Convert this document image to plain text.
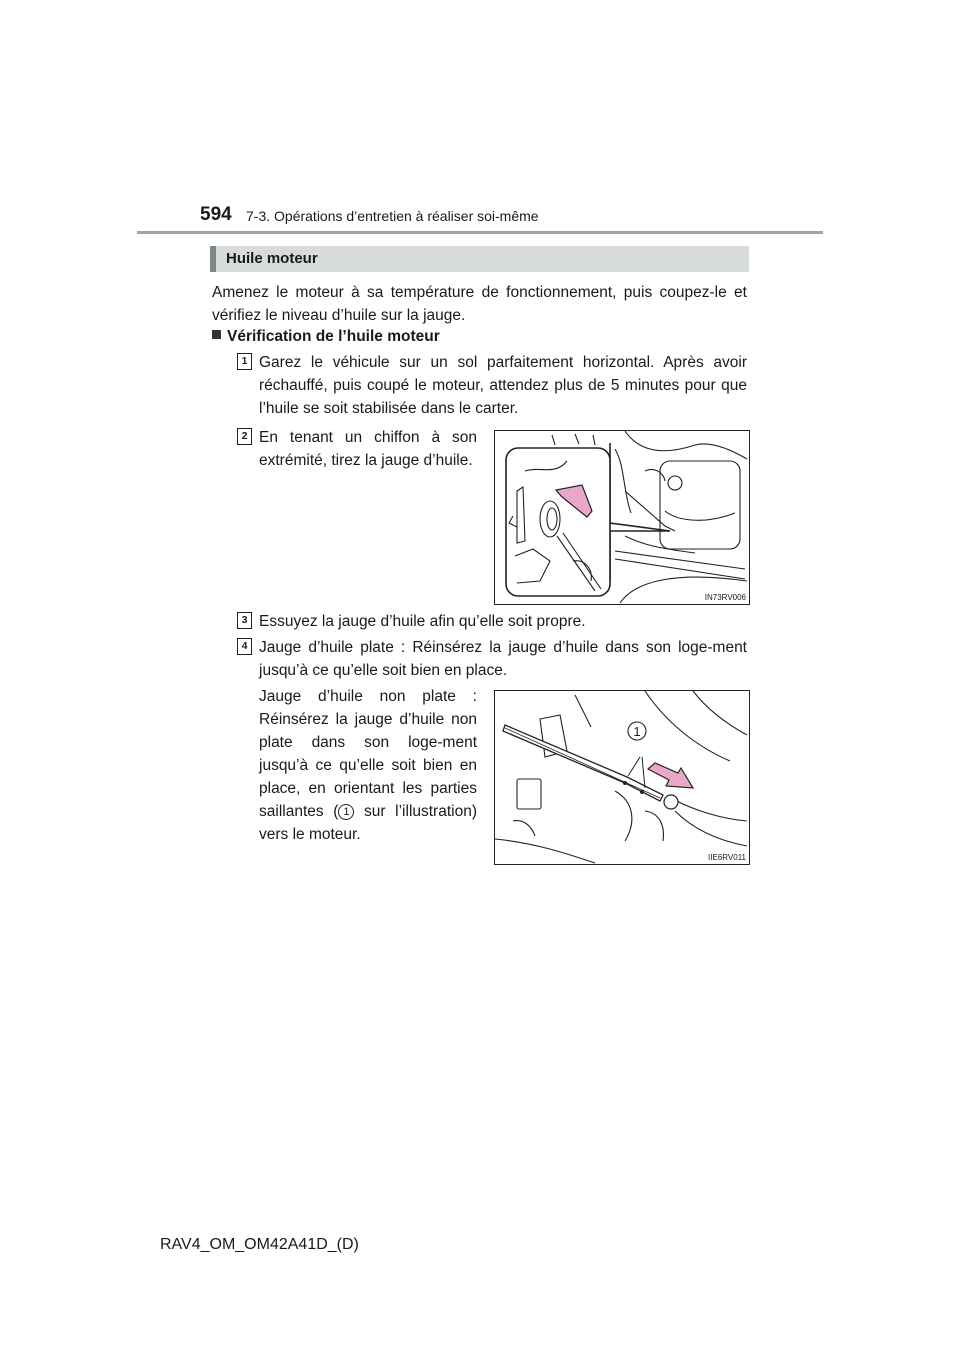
594 7-3. Opérations d’entretien à réaliser soi-même
Huile moteur
Amenez le moteur à sa température de fonctionnement, puis coupez-le et vérifiez le niveau d’huile sur la jauge.
Vérification de l’huile moteur
1 Garez le véhicule sur un sol parfaitement horizontal. Après avoir réchauffé, puis coupé le moteur, attendez plus de 5 minutes pour que l’huile se soit stabilisée dans le carter.
2 En tenant un chiffon à son extrémité, tirez la jauge d’huile.
IN73RV006
3 Essuyez la jauge d’huile afin qu’elle soit propre.
4 Jauge d’huile plate : Réinsérez la jauge d’huile dans son loge-ment jusqu’à ce qu’elle soit bien en place.
Jauge d’huile non plate : Réinsérez la jauge d’huile non plate dans son loge-ment jusqu’à ce qu’elle soit bien en place, en orientant les parties saillantes ( 1 sur l’illustration) vers le moteur.
1
IIE6RV011
RAV4_OM_OM42A41D_(D)
